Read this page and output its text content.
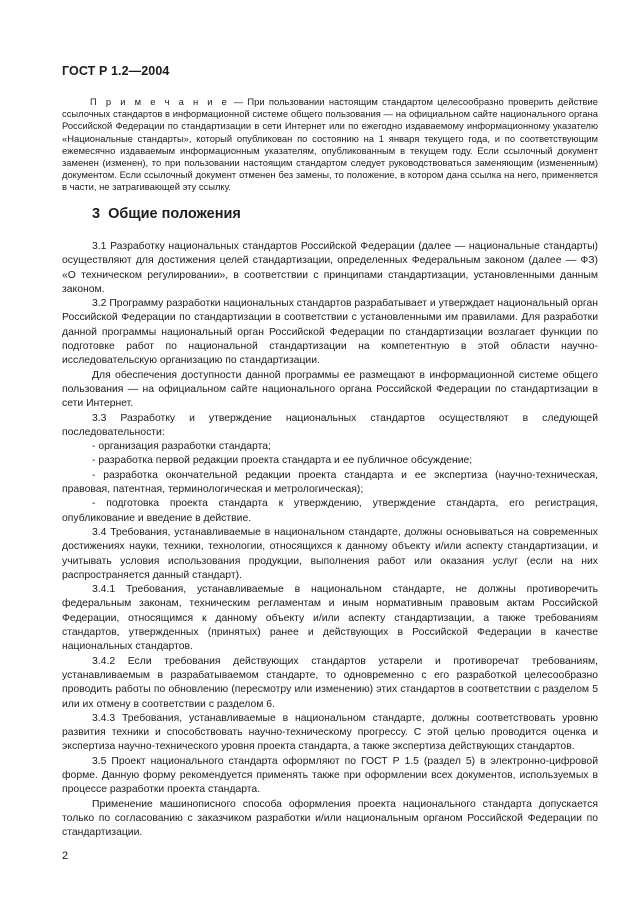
ГОСТ Р 1.2—2004

П р и м е ч а н и е — При пользовании настоящим стандартом целесообразно проверить действие ссылочных стандартов в информационной системе общего пользования — на официальном сайте национального органа Российской Федерации по стандартизации в сети Интернет или по ежегодно издаваемому информационному указателю «Национальные стандарты», который опубликован по состоянию на 1 января текущего года, и по соответствующим ежемесячно издаваемым информационным указателям, опубликованным в текущем году. Если ссылочный документ заменен (изменен), то при пользовании настоящим стандартом следует руководствоваться заменяющим (измененным) документом. Если ссылочный документ отменен без замены, то положение, в котором дана ссылка на него, применяется в части, не затрагивающей эту ссылку.

3 Общие положения

3.1 Разработку национальных стандартов Российской Федерации (далее — национальные стандарты) осуществляют для достижения целей стандартизации, определенных Федеральным законом (далее — ФЗ) «О техническом регулировании», в соответствии с принципами стандартизации, установленными данным законом.

3.2 Программу разработки национальных стандартов разрабатывает и утверждает национальный орган Российской Федерации по стандартизации в соответствии с установленными им правилами. Для разработки данной программы национальный орган Российской Федерации по стандартизации возлагает функции по подготовке работ по национальной стандартизации на компетентную в этой области научно-исследовательскую организацию по стандартизации.

Для обеспечения доступности данной программы ее размещают в информационной системе общего пользования — на официальном сайте национального органа Российской Федерации по стандартизации в сети Интернет.

3.3 Разработку и утверждение национальных стандартов осуществляют в следующей последовательности:

- организация разработки стандарта;

- разработка первой редакции проекта стандарта и ее публичное обсуждение;

- разработка окончательной редакции проекта стандарта и ее экспертиза (научно-техническая, правовая, патентная, терминологическая и метрологическая);

- подготовка проекта стандарта к утверждению, утверждение стандарта, его регистрация, опубликование и введение в действие.

3.4 Требования, устанавливаемые в национальном стандарте, должны основываться на современных достижениях науки, техники, технологии, относящихся к данному объекту и/или аспекту стандартизации, и учитывать условия использования продукции, выполнения работ или оказания услуг (если на них распространяется данный стандарт).

3.4.1 Требования, устанавливаемые в национальном стандарте, не должны противоречить федеральным законам, техническим регламентам и иным нормативным правовым актам Российской Федерации, относящимся к данному объекту и/или аспекту стандартизации, а также требованиям стандартов, утвержденных (принятых) ранее и действующих в Российской Федерации в качестве национальных стандартов.

3.4.2 Если требования действующих стандартов устарели и противоречат требованиям, устанавливаемым в разрабатываемом стандарте, то одновременно с его разработкой целесообразно проводить работы по обновлению (пересмотру или изменению) этих стандартов в соответствии с разделом 5 или их отмену в соответствии с разделом 6.

3.4.3 Требования, устанавливаемые в национальном стандарте, должны соответствовать уровню развития техники и способствовать научно-техническому прогрессу. С этой целью проводится оценка и экспертиза научно-технического уровня проекта стандарта, а также экспертиза действующих стандартов.

3.5 Проект национального стандарта оформляют по ГОСТ Р 1.5 (раздел 5) в электронно-цифровой форме. Данную форму рекомендуется применять также при оформлении всех документов, используемых в процессе разработки проекта стандарта.

Применение машинописного способа оформления проекта национального стандарта допускается только по согласованию с заказчиком разработки и/или национальным органом Российской Федерации по стандартизации.

2
